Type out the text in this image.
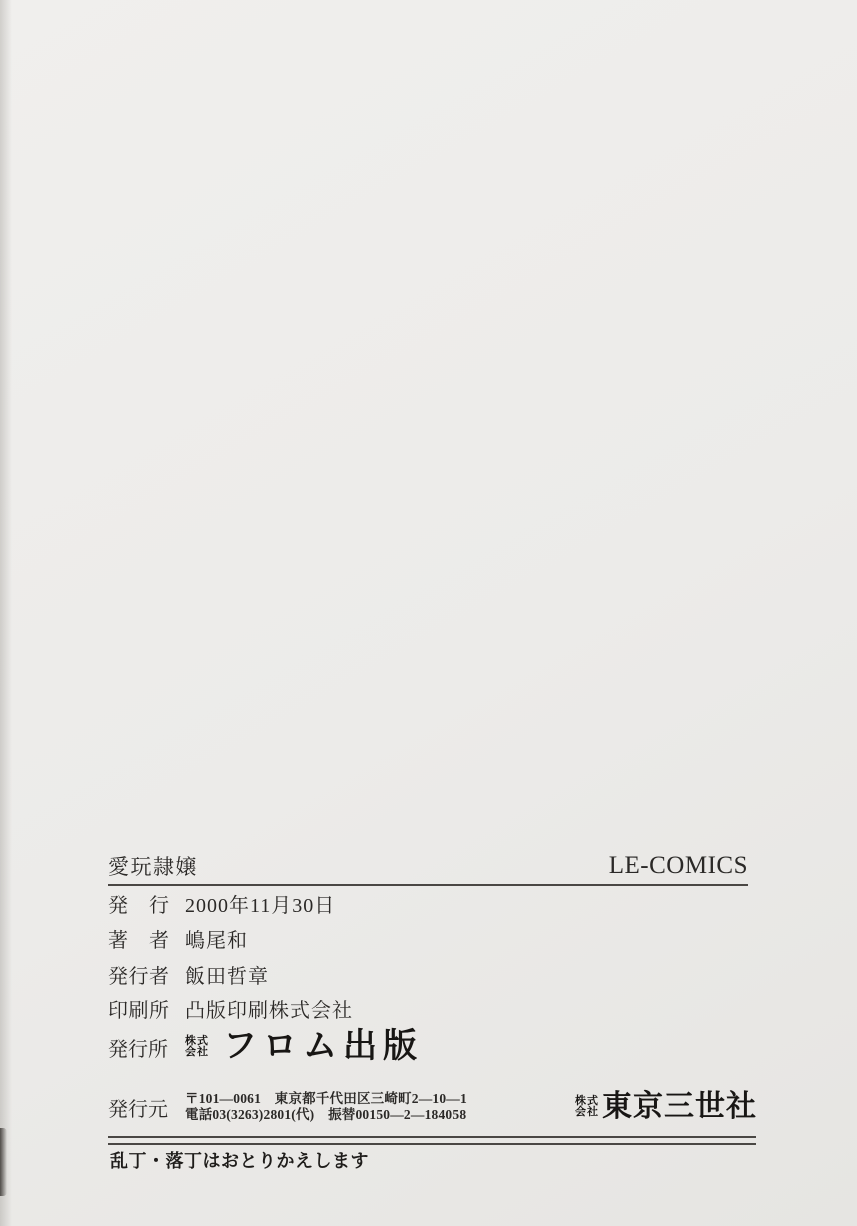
愛玩隷嬢	LE-COMICS
発　行 2000年11月30日
著　者 嶋尾和
発行者 飯田哲章
印刷所 凸版印刷株式会社
発行所 株式
会社 フロム出版
発行元
〒101—0061　東京都千代田区三崎町2—10—1
電話03(3263)2801(代)　振替00150—2—184058
株式
会社 東京三世社
乱丁・落丁はおとりかえします
